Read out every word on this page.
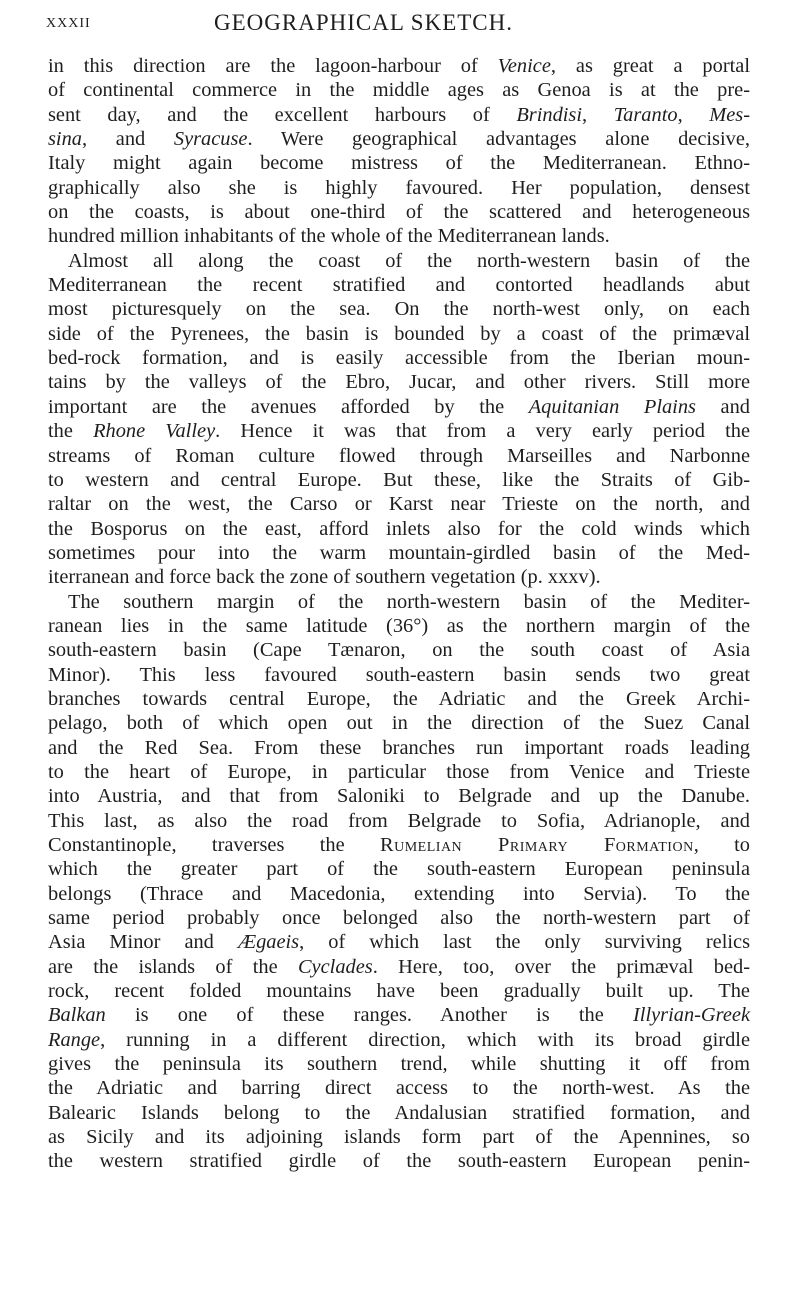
xxxii	GEOGRAPHICAL SKETCH.
in this direction are the lagoon-harbour of Venice, as great a portal
of continental commerce in the middle ages as Genoa is at the pre-
sent day, and the excellent harbours of Brindisi, Taranto, Mes-
sina, and Syracuse. Were geographical advantages alone decisive,
Italy might again become mistress of the Mediterranean. Ethno-
graphically also she is highly favoured. Her population, densest
on the coasts, is about one-third of the scattered and heterogeneous
hundred million inhabitants of the whole of the Mediterranean lands.
Almost all along the coast of the north-western basin of the
Mediterranean the recent stratified and contorted headlands abut
most picturesquely on the sea. On the north-west only, on each
side of the Pyrenees, the basin is bounded by a coast of the primæval
bed-rock formation, and is easily accessible from the Iberian moun-
tains by the valleys of the Ebro, Jucar, and other rivers. Still more
important are the avenues afforded by the Aquitanian Plains and
the Rhone Valley. Hence it was that from a very early period the
streams of Roman culture flowed through Marseilles and Narbonne
to western and central Europe. But these, like the Straits of Gib-
raltar on the west, the Carso or Karst near Trieste on the north, and
the Bosporus on the east, afford inlets also for the cold winds which
sometimes pour into the warm mountain-girdled basin of the Med-
iterranean and force back the zone of southern vegetation (p. xxxv).
The southern margin of the north-western basin of the Mediter-
ranean lies in the same latitude (36°) as the northern margin of the
south-eastern basin (Cape Tænaron, on the south coast of Asia
Minor). This less favoured south-eastern basin sends two great
branches towards central Europe, the Adriatic and the Greek Archi-
pelago, both of which open out in the direction of the Suez Canal
and the Red Sea. From these branches run important roads leading
to the heart of Europe, in particular those from Venice and Trieste
into Austria, and that from Saloniki to Belgrade and up the Danube.
This last, as also the road from Belgrade to Sofia, Adrianople, and
Constantinople, traverses the Rumelian Primary Formation, to
which the greater part of the south-eastern European peninsula
belongs (Thrace and Macedonia, extending into Servia). To the
same period probably once belonged also the north-western part of
Asia Minor and Ægaeis, of which last the only surviving relics
are the islands of the Cyclades. Here, too, over the primæval bed-
rock, recent folded mountains have been gradually built up. The
Balkan is one of these ranges. Another is the Illyrian-Greek
Range, running in a different direction, which with its broad girdle
gives the peninsula its southern trend, while shutting it off from
the Adriatic and barring direct access to the north-west. As the
Balearic Islands belong to the Andalusian stratified formation, and
as Sicily and its adjoining islands form part of the Apennines, so
the western stratified girdle of the south-eastern European penin-
